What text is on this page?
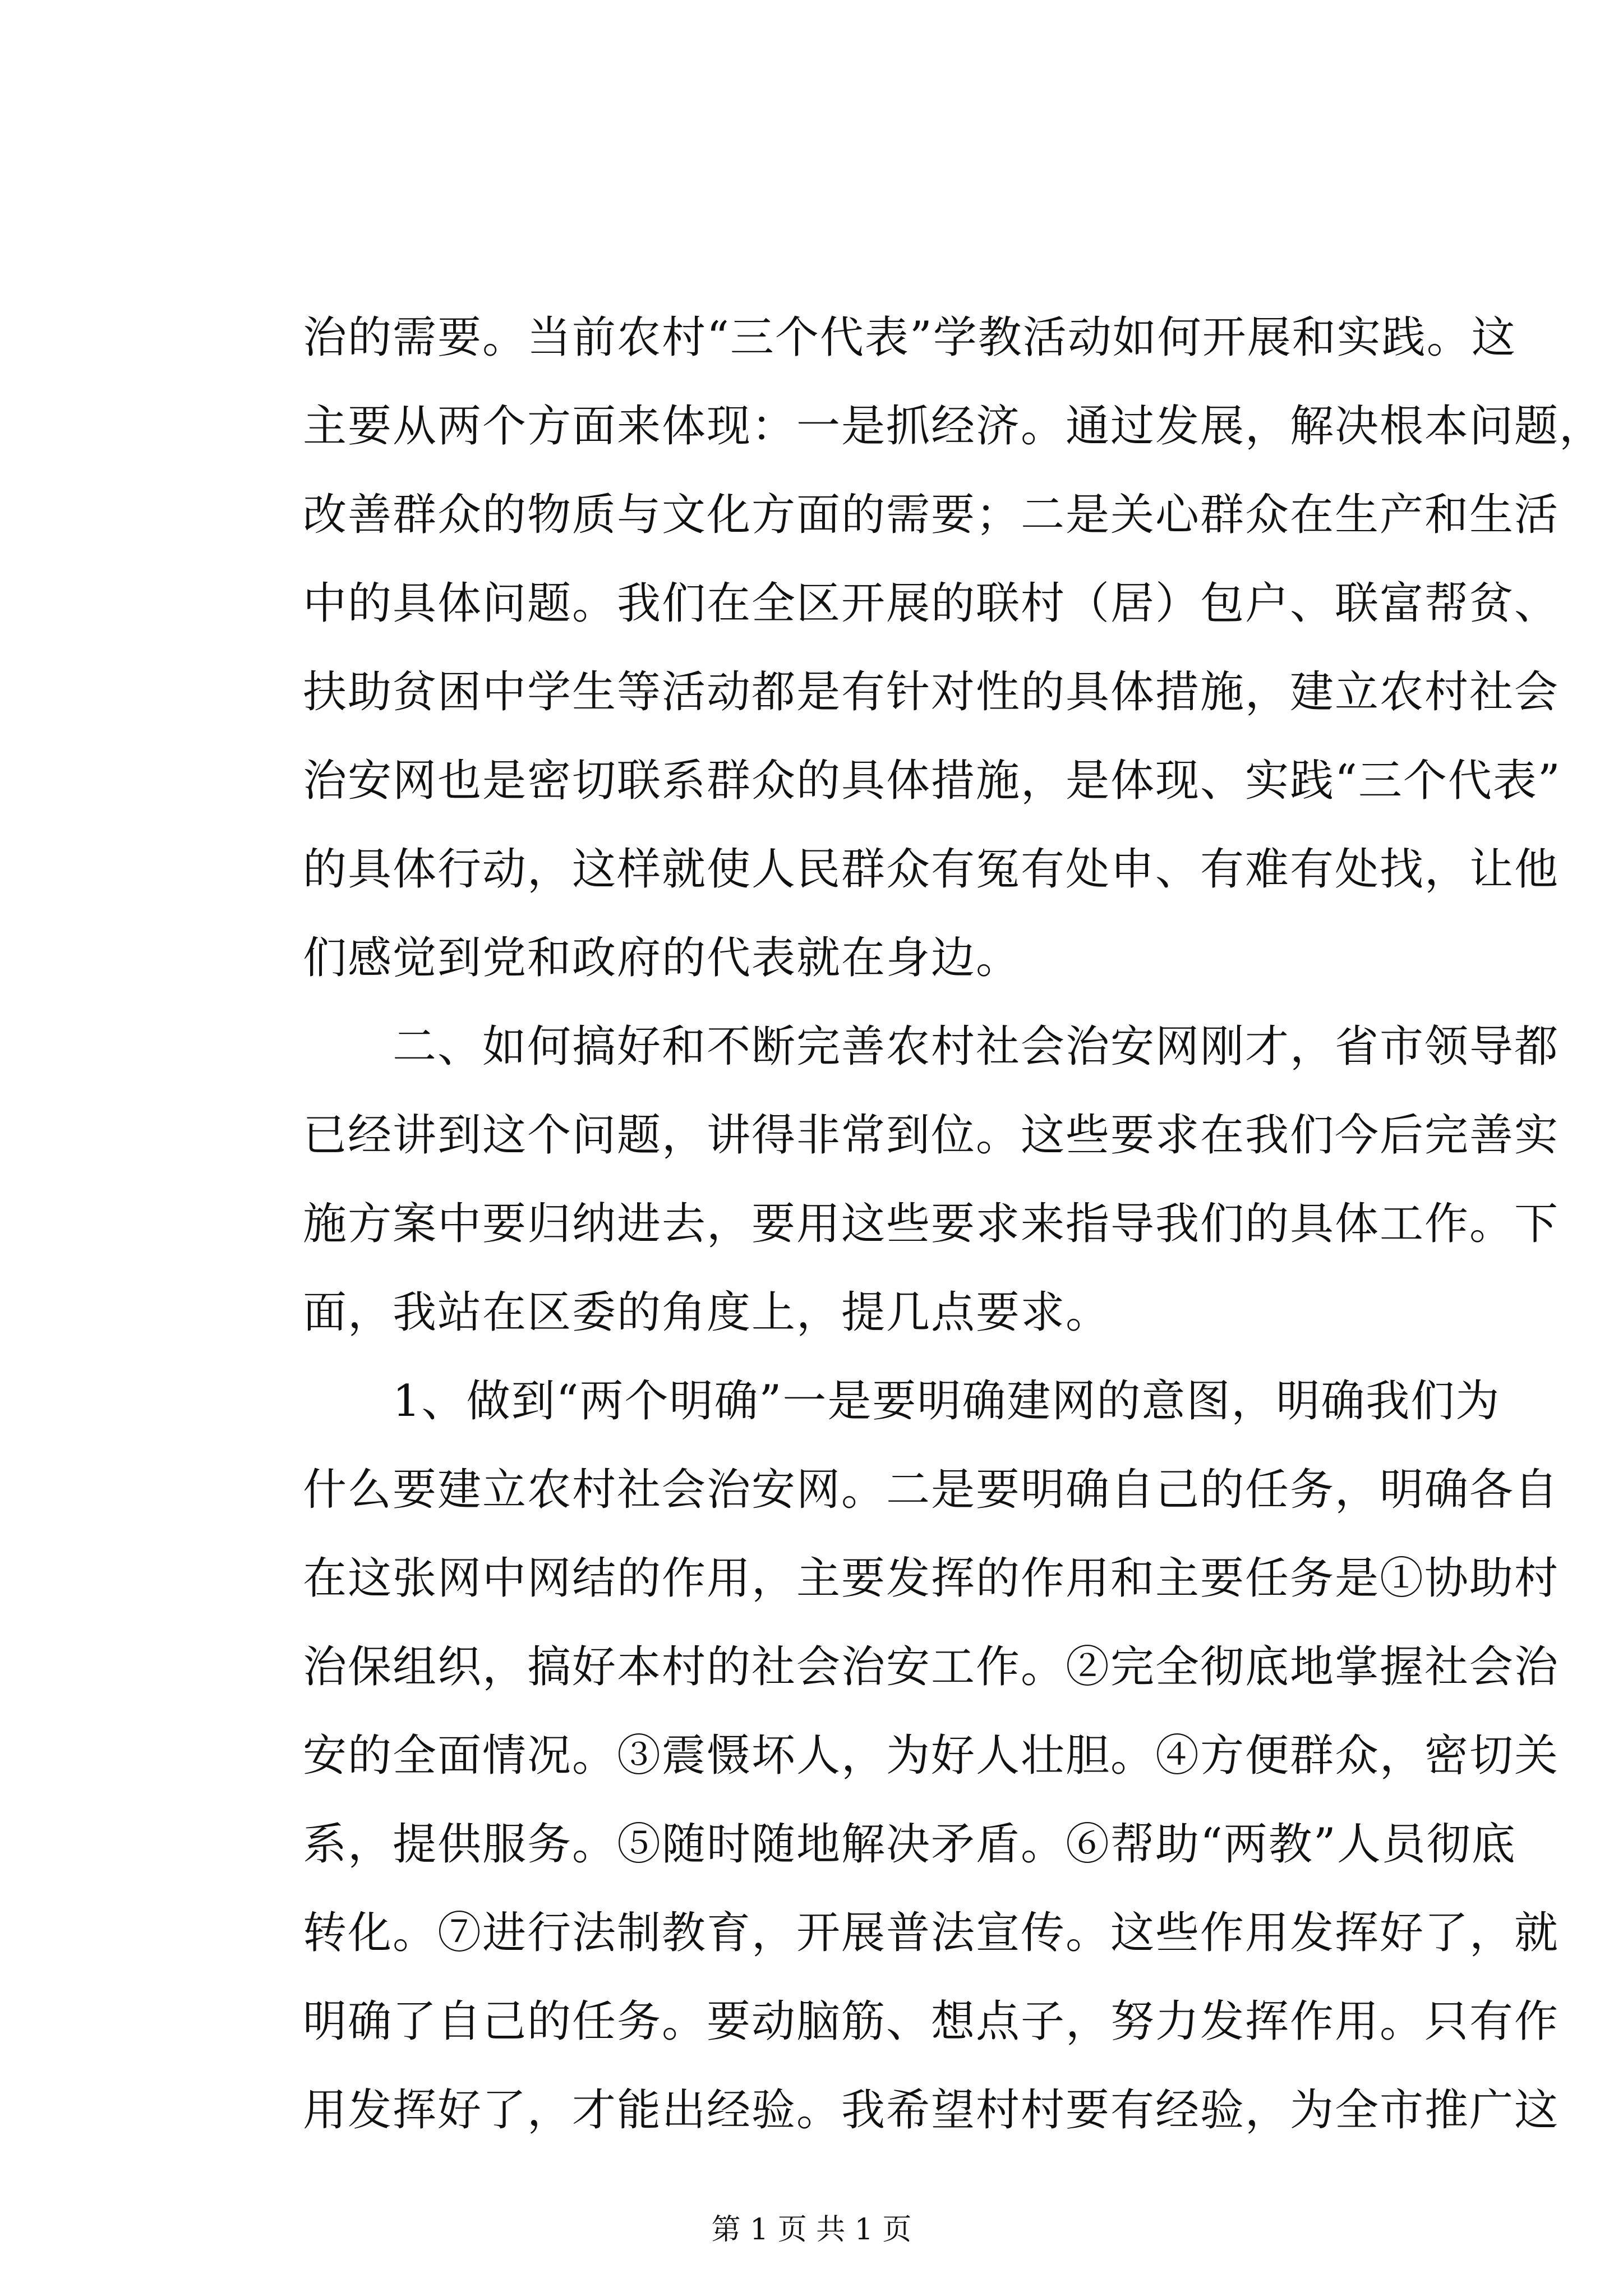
治的需要。当前农村“三个代表”学教活动如何开展和实践。这
主要从两个方面来体现：一是抓经济。通过发展，解决根本问题，
改善群众的物质与文化方面的需要；二是关心群众在生产和生活
中的具体问题。我们在全区开展的联村（居）包户、联富帮贫、
扶助贫困中学生等活动都是有针对性的具体措施，建立农村社会
治安网也是密切联系群众的具体措施，是体现、实践“三个代表”
的具体行动，这样就使人民群众有冤有处申、有难有处找，让他
们感觉到党和政府的代表就在身边。
　　二、如何搞好和不断完善农村社会治安网刚才，省市领导都
已经讲到这个问题，讲得非常到位。这些要求在我们今后完善实
施方案中要归纳进去，要用这些要求来指导我们的具体工作。下
面，我站在区委的角度上，提几点要求。
　　1、做到“两个明确”一是要明确建网的意图，明确我们为
什么要建立农村社会治安网。二是要明确自己的任务，明确各自
在这张网中网结的作用，主要发挥的作用和主要任务是①协助村
治保组织，搞好本村的社会治安工作。②完全彻底地掌握社会治
安的全面情况。③震慑坏人，为好人壮胆。④方便群众，密切关
系，提供服务。⑤随时随地解决矛盾。⑥帮助“两教”人员彻底
转化。⑦进行法制教育，开展普法宣传。这些作用发挥好了，就
明确了自己的任务。要动脑筋、想点子，努力发挥作用。只有作
用发挥好了，才能出经验。我希望村村要有经验，为全市推广这
第 1 页 共 1 页
